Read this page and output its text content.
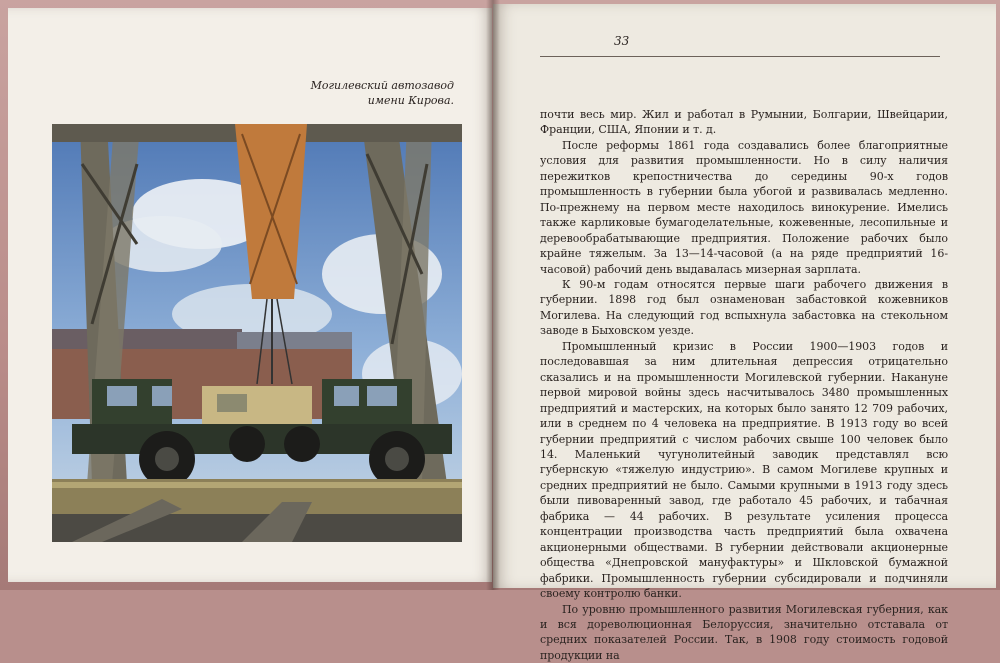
Могилевский автозавод
имени Кирова.
33

почти весь мир. Жил и работал в Румынии, Болгарии, Швейцарии, Франции, США, Японии и т. д.

После реформы 1861 года создавались более благоприятные условия для развития промышленности. Но в силу наличия пережитков крепостничества до середины 90-х годов промышленность в губернии была убогой и развивалась медленно. По-прежнему на первом месте находилось винокурение. Имелись также карликовые бумагоделательные, кожевенные, лесопильные и деревообрабатывающие предприятия. Положение рабочих было крайне тяжелым. За 13—14-часовой (а на ряде предприятий 16-часовой) рабочий день выдавалась мизерная зарплата.

К 90-м годам относятся первые шаги рабочего движения в губернии. 1898 год был ознаменован забастовкой кожевников Могилева. На следующий год вспыхнула забастовка на стекольном заводе в Быховском уезде.

Промышленный кризис в России 1900—1903 годов и последовавшая за ним длительная депрессия отрицательно сказались и на промышленности Могилевской губернии. Накануне первой мировой войны здесь насчитывалось 3480 промышленных предприятий и мастерских, на которых было занято 12 709 рабочих, или в среднем по 4 человека на предприятие. В 1913 году во всей губернии предприятий с числом рабочих свыше 100 человек было 14. Маленький чугунолитейный заводик представлял всю губернскую «тяжелую индустрию». В самом Могилеве крупных и средних предприятий не было. Самыми крупными в 1913 году здесь были пивоваренный завод, где работало 45 рабочих, и табачная фабрика — 44 рабочих. В результате усиления процесса концентрации производства часть предприятий была охвачена акционерными обществами. В губернии действовали акционерные общества «Днепровской мануфактуры» и Шкловской бумажной фабрики. Промышленность губернии субсидировали и подчиняли своему контролю банки.

По уровню промышленного развития Могилевская губерния, как и вся дореволюционная Белоруссия, значительно отставала от средних показателей России. Так, в 1908 году стоимость годовой продукции на
